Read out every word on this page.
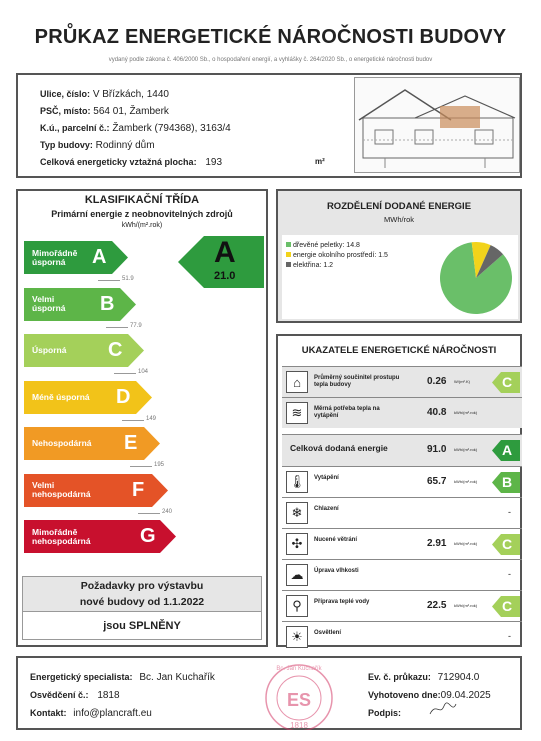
PRŮKAZ ENERGETICKÉ NÁROČNOSTI BUDOVY
vydaný podle zákona č. 406/2000 Sb., o hospodaření energií, a vyhlášky č. 264/2020 Sb., o energetické náročnosti budov
Ulice, číslo: V Břízkách, 1440
PSČ, místo: 564 01, Žamberk
K.ú., parcelní č.: Žamberk (794368), 3163/4
Typ budovy: Rodinný dům
Celková energeticky vztažná plocha: 193	m²
KLASIFIKAČNÍ TŘÍDA
Primární energie z neobnovitelných zdrojů
kWh/(m².rok)
Mimořádně úsporná	A
51.9
Velmi úsporná	B
77.9
Úsporná	C
104
Méně úsporná D
149
Nehospodárná E
195
Velmi nehospodárná F
240
Mimořádně nehospodárná G
A
21.0
Požadavky pro výstavbu
nové budovy od 1.1.2022
jsou SPLNĚNY
ROZDĚLENÍ DODANÉ ENERGIE
MWh/rok
dřevěné peletky: 14.8
energie okolního prostředí: 1.5
elektřina: 1.2
UKAZATELE ENERGETICKÉ NÁROČNOSTI
⌂	Průměrný součinitel prostupu tepla budovy	0.26 W/(m².K) C
≋	Měrná potřeba tepla na vytápění	40.8 kWh/(m².rok)
Celková dodaná energie	91.0 kWh/(m².rok) A
🌡	Vytápění	65.7 kWh/(m².rok) B
❄	Chlazení	-
✣	Nucené větrání	2.91 kWh/(m².rok) C
☁	Úprava vlhkosti	-
⚲	Příprava teplé vody	22.5 kWh/(m².rok) C
☀	Osvětlení	-
Energetický specialista: Bc. Jan Kuchařík
Osvědčení č.: 1818
Kontakt: info@plancraft.eu
Ev. č. průkazu: 712904.0
Vyhotoveno dne:09.04.2025
Podpis:
Bc. Jan Kuchařík
ES
1818
